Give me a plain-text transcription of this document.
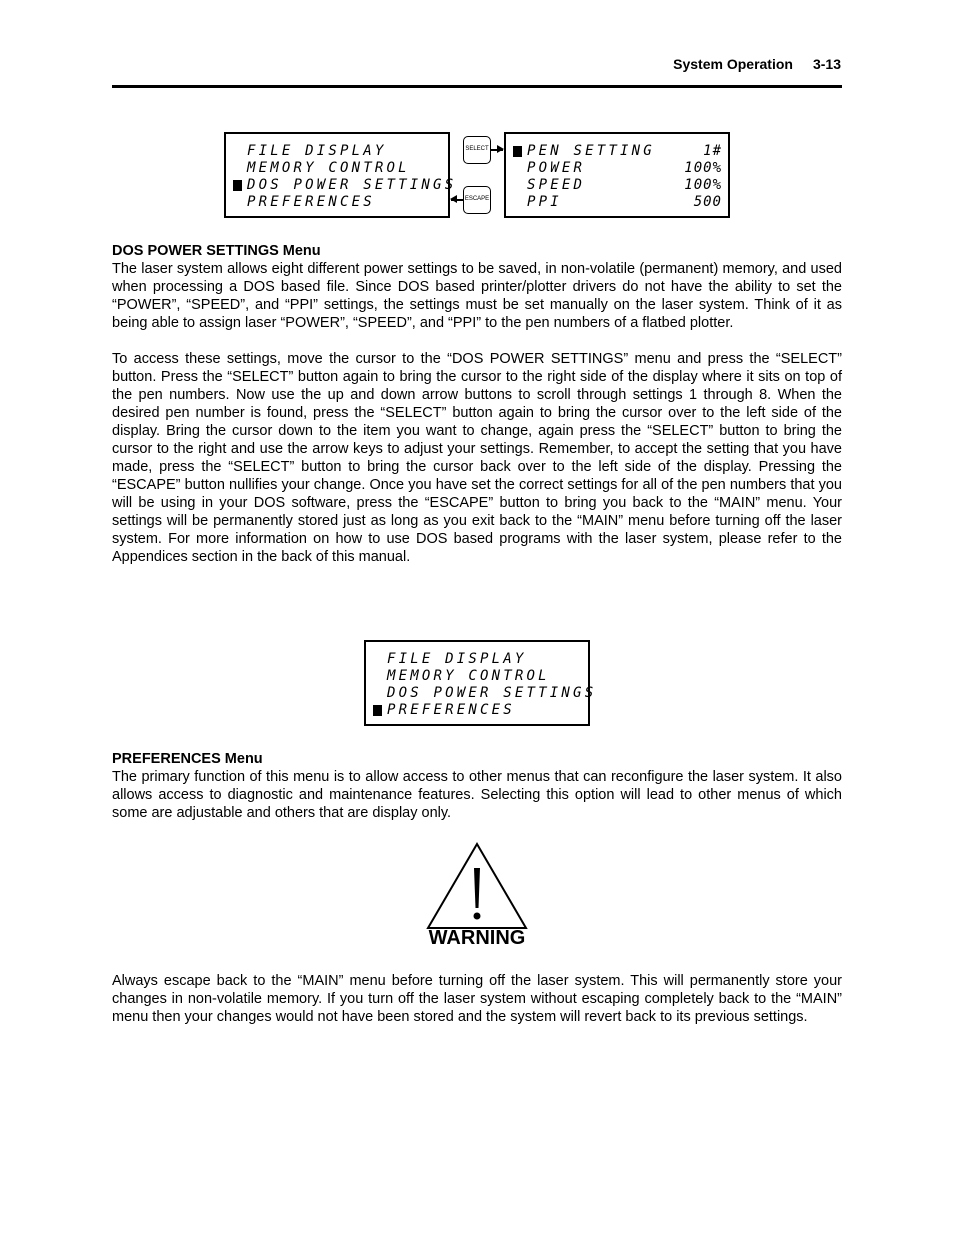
System Operation 3-13
FILE DISPLAY
MEMORY CONTROL
DOS POWER SETTINGS
PREFERENCES
SELECT
ESCAPE
PEN SETTING	1#
POWER	100%
SPEED	100%
PPI	500
DOS POWER SETTINGS Menu

The laser system allows eight different power settings to be saved, in non-volatile (permanent) memory, and used when processing a DOS based file. Since DOS based printer/plotter drivers do not have the ability to set the “POWER”, “SPEED”, and “PPI” settings, the settings must be set manually on the laser system. Think of it as being able to assign laser “POWER”, “SPEED”, and “PPI” to the pen numbers of a flatbed plotter.

To access these settings, move the cursor to the “DOS POWER SETTINGS” menu and press the “SELECT” button. Press the “SELECT” button again to bring the cursor to the right side of the display where it sits on top of the pen numbers. Now use the up and down arrow buttons to scroll through settings 1 through 8. When the desired pen number is found, press the “SELECT” button again to bring the cursor over to the left side of the display. Bring the cursor down to the item you want to change, again press the “SELECT” button to bring the cursor to the right and use the arrow keys to adjust your settings. Remember, to accept the setting that you have made, press the “SELECT” button to bring the cursor back over to the left side of the display. Pressing the “ESCAPE” button nullifies your change. Once you have set the correct settings for all of the pen numbers that you will be using in your DOS software, press the “ESCAPE” button to bring you back to the “MAIN” menu. Your settings will be permanently stored just as long as you exit back to the “MAIN” menu before turning off the laser system. For more information on how to use DOS based programs with the laser system, please refer to the Appendices section in the back of this manual.

FILE DISPLAY
MEMORY CONTROL
DOS POWER SETTINGS
PREFERENCES
PREFERENCES Menu

The primary function of this menu is to allow access to other menus that can reconfigure the laser system. It also allows access to diagnostic and maintenance features. Selecting this option will lead to other menus of which some are adjustable and others that are display only.

WARNING

Always escape back to the “MAIN” menu before turning off the laser system. This will permanently store your changes in non-volatile memory. If you turn off the laser system without escaping completely back to the “MAIN” menu then your changes would not have been stored and the system will revert back to its previous settings.
